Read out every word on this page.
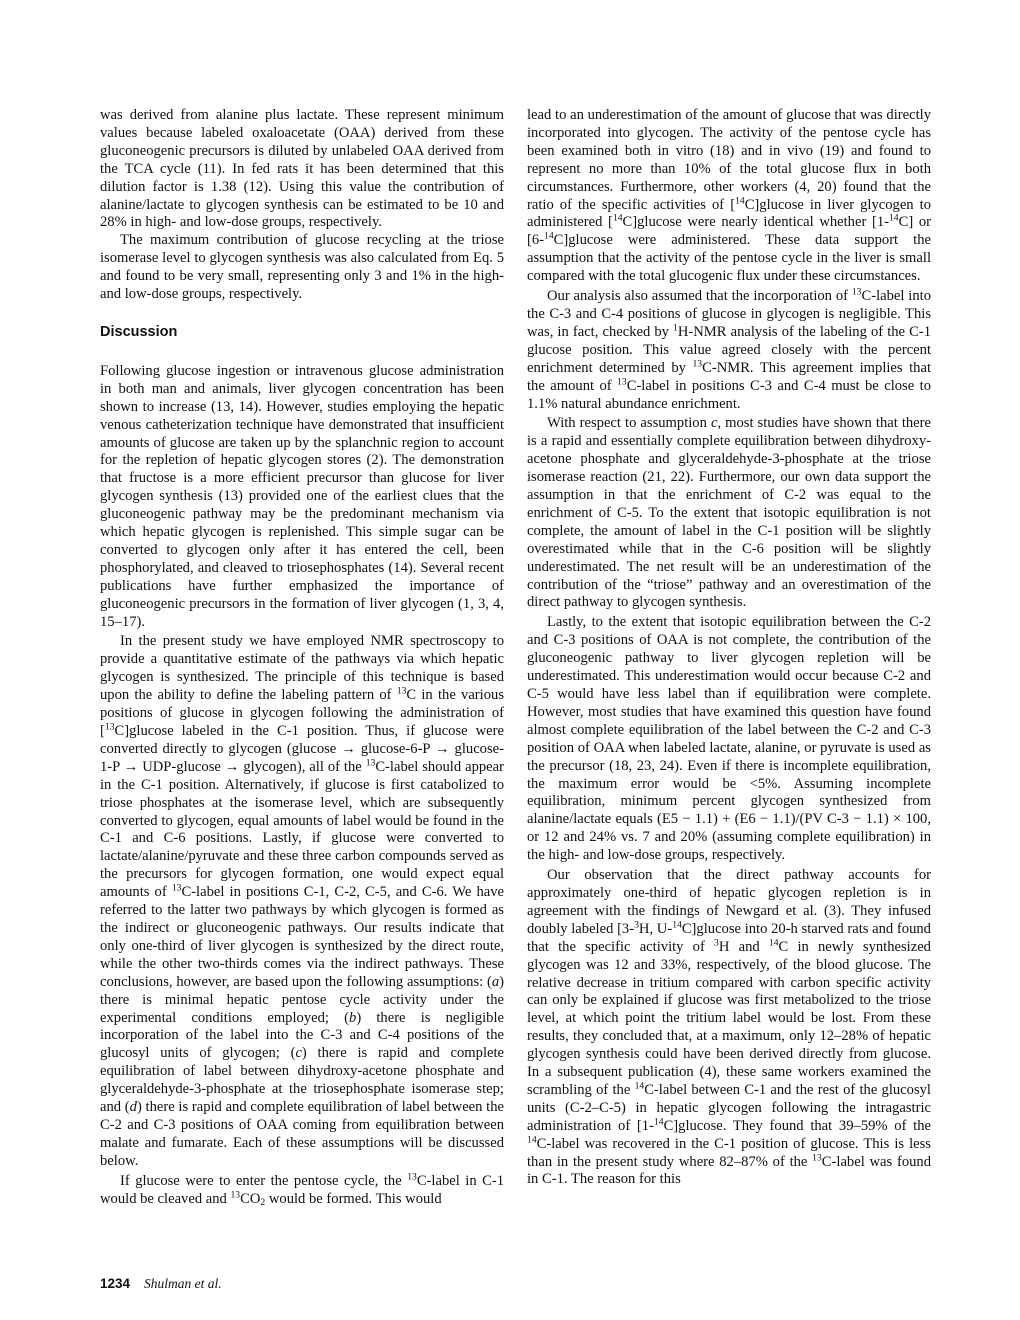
was derived from alanine plus lactate. These represent minimum values because labeled oxaloacetate (OAA) derived from these gluconeogenic precursors is diluted by unlabeled OAA derived from the TCA cycle (11). In fed rats it has been determined that this dilution factor is 1.38 (12). Using this value the contribution of alanine/lactate to glycogen synthesis can be estimated to be 10 and 28% in high- and low-dose groups, respectively.

The maximum contribution of glucose recycling at the triose isomerase level to glycogen synthesis was also calculated from Eq. 5 and found to be very small, representing only 3 and 1% in the high- and low-dose groups, respectively.

Discussion

Following glucose ingestion or intravenous glucose administration in both man and animals, liver glycogen concentration has been shown to increase (13, 14). However, studies employing the hepatic venous catheterization technique have demonstrated that insufficient amounts of glucose are taken up by the splanchnic region to account for the repletion of hepatic glycogen stores (2). The demonstration that fructose is a more efficient precursor than glucose for liver glycogen synthesis (13) provided one of the earliest clues that the gluconeogenic pathway may be the predominant mechanism via which hepatic glycogen is replenished. This simple sugar can be converted to glycogen only after it has entered the cell, been phosphorylated, and cleaved to triosephosphates (14). Several recent publications have further emphasized the importance of gluconeogenic precursors in the formation of liver glycogen (1, 3, 4, 15–17).

In the present study we have employed NMR spectroscopy to provide a quantitative estimate of the pathways via which hepatic glycogen is synthesized. The principle of this technique is based upon the ability to define the labeling pattern of $^{13}$C in the various positions of glucose in glycogen following the administration of [$^{13}$C]glucose labeled in the C-1 position. Thus, if glucose were converted directly to glycogen (glucose → glucose-6-P → glucose-1-P → UDP-glucose → glycogen), all of the $^{13}$C-label should appear in the C-1 position. Alternatively, if glucose is first catabolized to triose phosphates at the isomerase level, which are subsequently converted to glycogen, equal amounts of label would be found in the C-1 and C-6 positions. Lastly, if glucose were converted to lactate/alanine/pyruvate and these three carbon compounds served as the precursors for glycogen formation, one would expect equal amounts of $^{13}$C-label in positions C-1, C-2, C-5, and C-6. We have referred to the latter two pathways by which glycogen is formed as the indirect or gluconeogenic pathways. Our results indicate that only one-third of liver glycogen is synthesized by the direct route, while the other two-thirds comes via the indirect pathways. These conclusions, however, are based upon the following assumptions: (a) there is minimal hepatic pentose cycle activity under the experimental conditions employed; (b) there is negligible incorporation of the label into the C-3 and C-4 positions of the glucosyl units of glycogen; (c) there is rapid and complete equilibration of label between dihydroxy-acetone phosphate and glyceraldehyde-3-phosphate at the triosephosphate isomerase step; and (d) there is rapid and complete equilibration of label between the C-2 and C-3 positions of OAA coming from equilibration between malate and fumarate. Each of these assumptions will be discussed below.

If glucose were to enter the pentose cycle, the $^{13}$C-label in C-1 would be cleaved and $^{13}CO_2$ would be formed. This would

lead to an underestimation of the amount of glucose that was directly incorporated into glycogen. The activity of the pentose cycle has been examined both in vitro (18) and in vivo (19) and found to represent no more than 10% of the total glucose flux in both circumstances. Furthermore, other workers (4, 20) found that the ratio of the specific activities of [$^{14}$C]glucose in liver glycogen to administered [$^{14}$C]glucose were nearly identical whether [1-$^{14}$C] or [6-$^{14}$C]glucose were administered. These data support the assumption that the activity of the pentose cycle in the liver is small compared with the total glucogenic flux under these circumstances.

Our analysis also assumed that the incorporation of $^{13}$C-label into the C-3 and C-4 positions of glucose in glycogen is negligible. This was, in fact, checked by $^1$H-NMR analysis of the labeling of the C-1 glucose position. This value agreed closely with the percent enrichment determined by $^{13}$C-NMR. This agreement implies that the amount of $^{13}$C-label in positions C-3 and C-4 must be close to 1.1% natural abundance enrichment.

With respect to assumption c, most studies have shown that there is a rapid and essentially complete equilibration between dihydroxy-acetone phosphate and glyceraldehyde-3-phosphate at the triose isomerase reaction (21, 22). Furthermore, our own data support the assumption in that the enrichment of C-2 was equal to the enrichment of C-5. To the extent that isotopic equilibration is not complete, the amount of label in the C-1 position will be slightly overestimated while that in the C-6 position will be slightly underestimated. The net result will be an underestimation of the contribution of the “triose” pathway and an overestimation of the direct pathway to glycogen synthesis.

Lastly, to the extent that isotopic equilibration between the C-2 and C-3 positions of OAA is not complete, the contribution of the gluconeogenic pathway to liver glycogen repletion will be underestimated. This underestimation would occur because C-2 and C-5 would have less label than if equilibration were complete. However, most studies that have examined this question have found almost complete equilibration of the label between the C-2 and C-3 position of OAA when labeled lactate, alanine, or pyruvate is used as the precursor (18, 23, 24). Even if there is incomplete equilibration, the maximum error would be <5%. Assuming incomplete equilibration, minimum percent glycogen synthesized from alanine/lactate equals (E5 − 1.1) + (E6 − 1.1)/(PV C-3 − 1.1) × 100, or 12 and 24% vs. 7 and 20% (assuming complete equilibration) in the high- and low-dose groups, respectively.

Our observation that the direct pathway accounts for approximately one-third of hepatic glycogen repletion is in agreement with the findings of Newgard et al. (3). They infused doubly labeled [3-$^3$H, U-$^{14}$C]glucose into 20-h starved rats and found that the specific activity of $^3$H and $^{14}$C in newly synthesized glycogen was 12 and 33%, respectively, of the blood glucose. The relative decrease in tritium compared with carbon specific activity can only be explained if glucose was first metabolized to the triose level, at which point the tritium label would be lost. From these results, they concluded that, at a maximum, only 12–28% of hepatic glycogen synthesis could have been derived directly from glucose. In a subsequent publication (4), these same workers examined the scrambling of the $^{14}$C-label between C-1 and the rest of the glucosyl units (C-2–C-5) in hepatic glycogen following the intragastric administration of [1-$^{14}$C]glucose. They found that 39–59% of the $^{14}$C-label was recovered in the C-1 position of glucose. This is less than in the present study where 82–87% of the $^{13}$C-label was found in C-1. The reason for this

1234 Shulman et al.
